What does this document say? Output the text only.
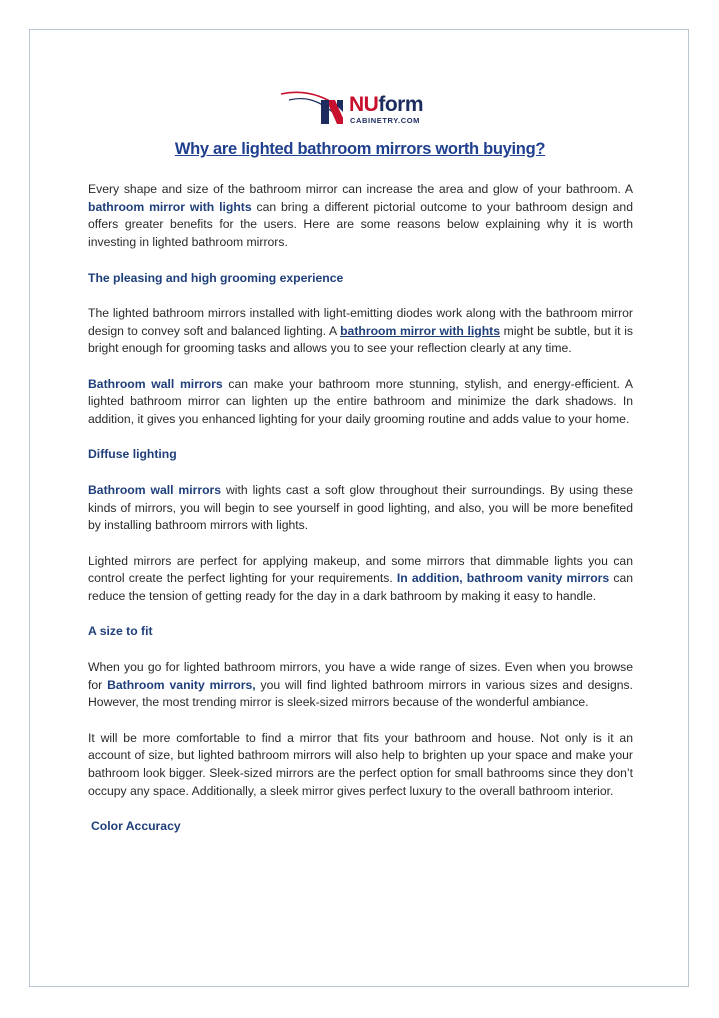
NUform
CABINETRY.COM
Why are lighted bathroom mirrors worth buying?

Every shape and size of the bathroom mirror can increase the area and glow of your bathroom. A bathroom mirror with lights can bring a different pictorial outcome to your bathroom design and offers greater benefits for the users. Here are some reasons below explaining why it is worth investing in lighted bathroom mirrors.

The pleasing and high grooming experience

The lighted bathroom mirrors installed with light-emitting diodes work along with the bathroom mirror design to convey soft and balanced lighting. A bathroom mirror with lights might be subtle, but it is bright enough for grooming tasks and allows you to see your reflection clearly at any time.

Bathroom wall mirrors can make your bathroom more stunning, stylish, and energy-efficient. A lighted bathroom mirror can lighten up the entire bathroom and minimize the dark shadows. In addition, it gives you enhanced lighting for your daily grooming routine and adds value to your home.

Diffuse lighting

Bathroom wall mirrors with lights cast a soft glow throughout their surroundings. By using these kinds of mirrors, you will begin to see yourself in good lighting, and also, you will be more benefited by installing bathroom mirrors with lights.

Lighted mirrors are perfect for applying makeup, and some mirrors that dimmable lights you can control create the perfect lighting for your requirements. In addition, bathroom vanity mirrors can reduce the tension of getting ready for the day in a dark bathroom by making it easy to handle.

A size to fit

When you go for lighted bathroom mirrors, you have a wide range of sizes. Even when you browse for Bathroom vanity mirrors, you will find lighted bathroom mirrors in various sizes and designs. However, the most trending mirror is sleek-sized mirrors because of the wonderful ambiance.

It will be more comfortable to find a mirror that fits your bathroom and house. Not only is it an account of size, but lighted bathroom mirrors will also help to brighten up your space and make your bathroom look bigger. Sleek-sized mirrors are the perfect option for small bathrooms since they don’t occupy any space. Additionally, a sleek mirror gives perfect luxury to the overall bathroom interior.

Color Accuracy
